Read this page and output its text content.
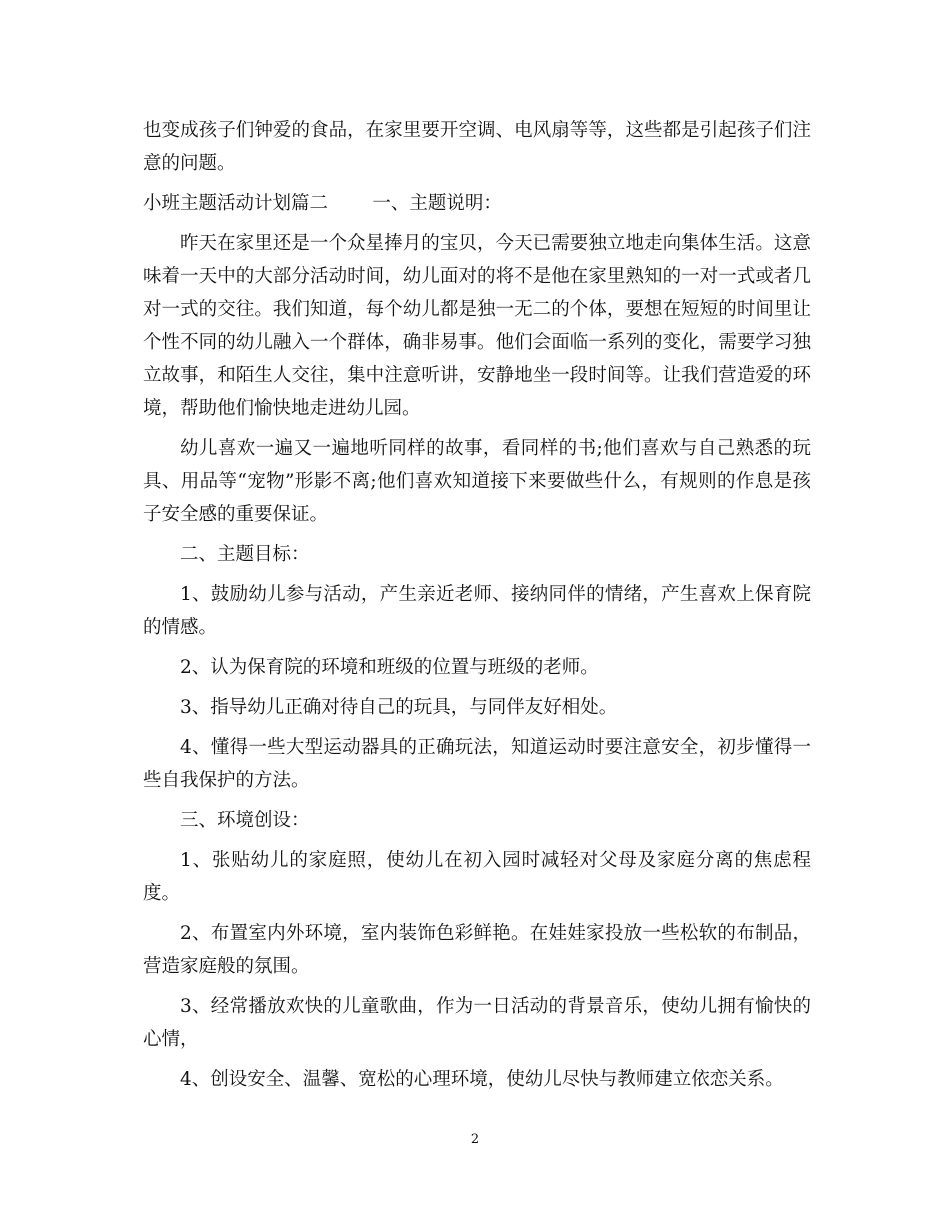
也变成孩子们钟爱的食品，在家里要开空调、电风扇等等，这些都是引起孩子们注意的问题。

小班主题活动计划篇二 一、主题说明：

昨天在家里还是一个众星捧月的宝贝，今天已需要独立地走向集体生活。这意味着一天中的大部分活动时间，幼儿面对的将不是他在家里熟知的一对一式或者几对一式的交往。我们知道，每个幼儿都是独一无二的个体，要想在短短的时间里让个性不同的幼儿融入一个群体，确非易事。他们会面临一系列的变化，需要学习独立故事，和陌生人交往，集中注意听讲，安静地坐一段时间等。让我们营造爱的环境，帮助他们愉快地走进幼儿园。

幼儿喜欢一遍又一遍地听同样的故事，看同样的书;他们喜欢与自己熟悉的玩具、用品等“宠物”形影不离;他们喜欢知道接下来要做些什么，有规则的作息是孩子安全感的重要保证。

二、主题目标：

1、鼓励幼儿参与活动，产生亲近老师、接纳同伴的情绪，产生喜欢上保育院的情感。

2、认为保育院的环境和班级的位置与班级的老师。

3、指导幼儿正确对待自己的玩具，与同伴友好相处。

4、懂得一些大型运动器具的正确玩法，知道运动时要注意安全，初步懂得一些自我保护的方法。

三、环境创设：

1、张贴幼儿的家庭照，使幼儿在初入园时减轻对父母及家庭分离的焦虑程度。

2、布置室内外环境，室内装饰色彩鲜艳。在娃娃家投放一些松软的布制品，营造家庭般的氛围。

3、经常播放欢快的儿童歌曲，作为一日活动的背景音乐，使幼儿拥有愉快的心情，

4、创设安全、温馨、宽松的心理环境，使幼儿尽快与教师建立依恋关系。

2
